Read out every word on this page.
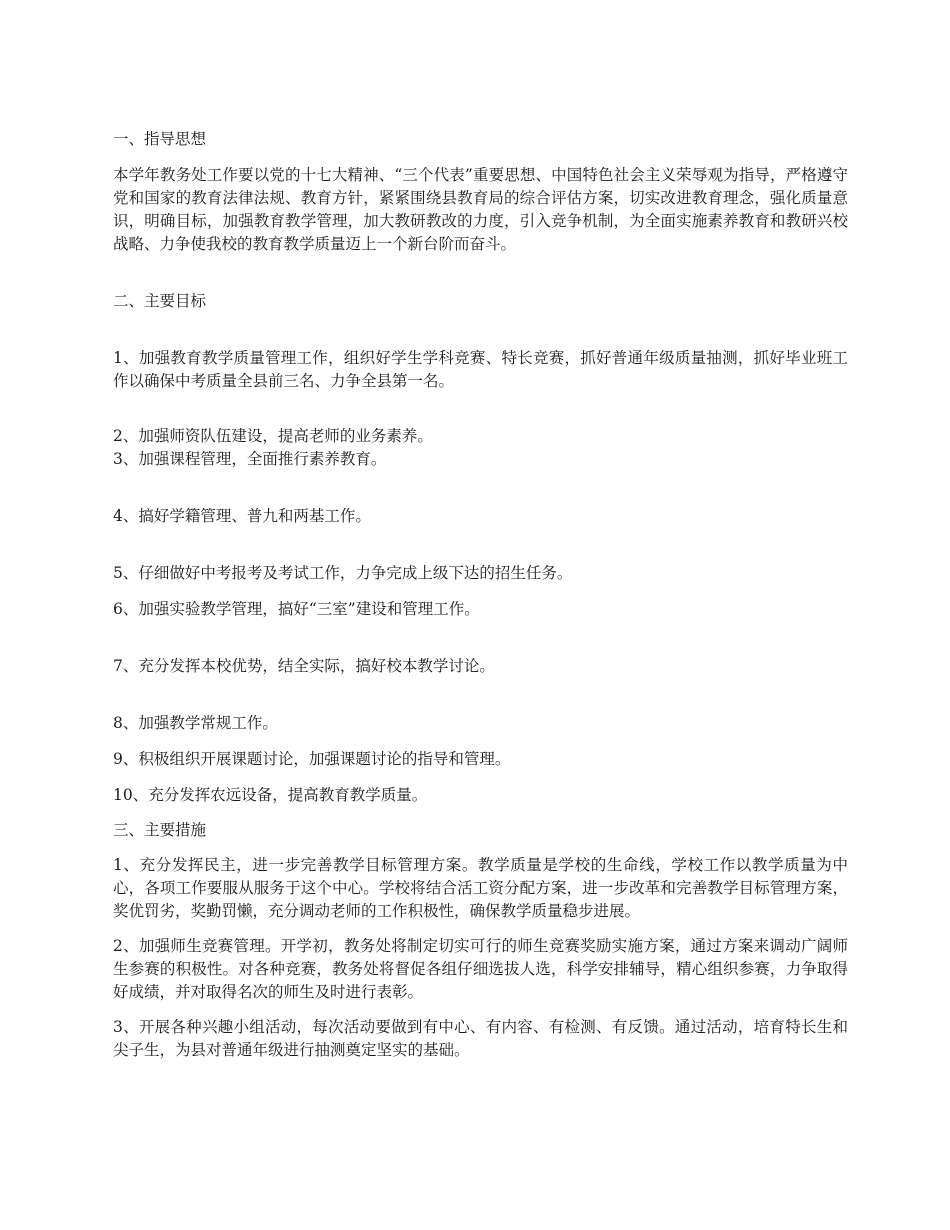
一、指导思想

本学年教务处工作要以党的十七大精神、“三个代表”重要思想、中国特色社会主义荣辱观为指导，严格遵守党和国家的教育法律法规、教育方针，紧紧围绕县教育局的综合评估方案，切实改进教育理念，强化质量意识，明确目标，加强教育教学管理，加大教研教改的力度，引入竞争机制，为全面实施素养教育和教研兴校战略、力争使我校的教育教学质量迈上一个新台阶而奋斗。

二、主要目标

1、加强教育教学质量管理工作，组织好学生学科竞赛、特长竞赛，抓好普通年级质量抽测，抓好毕业班工作以确保中考质量全县前三名、力争全县第一名。

2、加强师资队伍建设，提高老师的业务素养。

3、加强课程管理，全面推行素养教育。

4、搞好学籍管理、普九和两基工作。

5、仔细做好中考报考及考试工作，力争完成上级下达的招生任务。

6、加强实验教学管理，搞好“三室”建设和管理工作。

7、充分发挥本校优势，结全实际，搞好校本教学讨论。

8、加强教学常规工作。

9、积极组织开展课题讨论，加强课题讨论的指导和管理。

10、充分发挥农远设备，提高教育教学质量。

三、主要措施

1、充分发挥民主，进一步完善教学目标管理方案。教学质量是学校的生命线，学校工作以教学质量为中心，各项工作要服从服务于这个中心。学校将结合活工资分配方案，进一步改革和完善教学目标管理方案，奖优罚劣，奖勤罚懒，充分调动老师的工作积极性，确保教学质量稳步进展。

2、加强师生竞赛管理。开学初，教务处将制定切实可行的师生竞赛奖励实施方案，通过方案来调动广阔师生参赛的积极性。对各种竞赛，教务处将督促各组仔细选拔人选，科学安排辅导，精心组织参赛，力争取得好成绩，并对取得名次的师生及时进行表彰。

3、开展各种兴趣小组活动，每次活动要做到有中心、有内容、有检测、有反馈。通过活动，培育特长生和尖子生，为县对普通年级进行抽测奠定坚实的基础。
